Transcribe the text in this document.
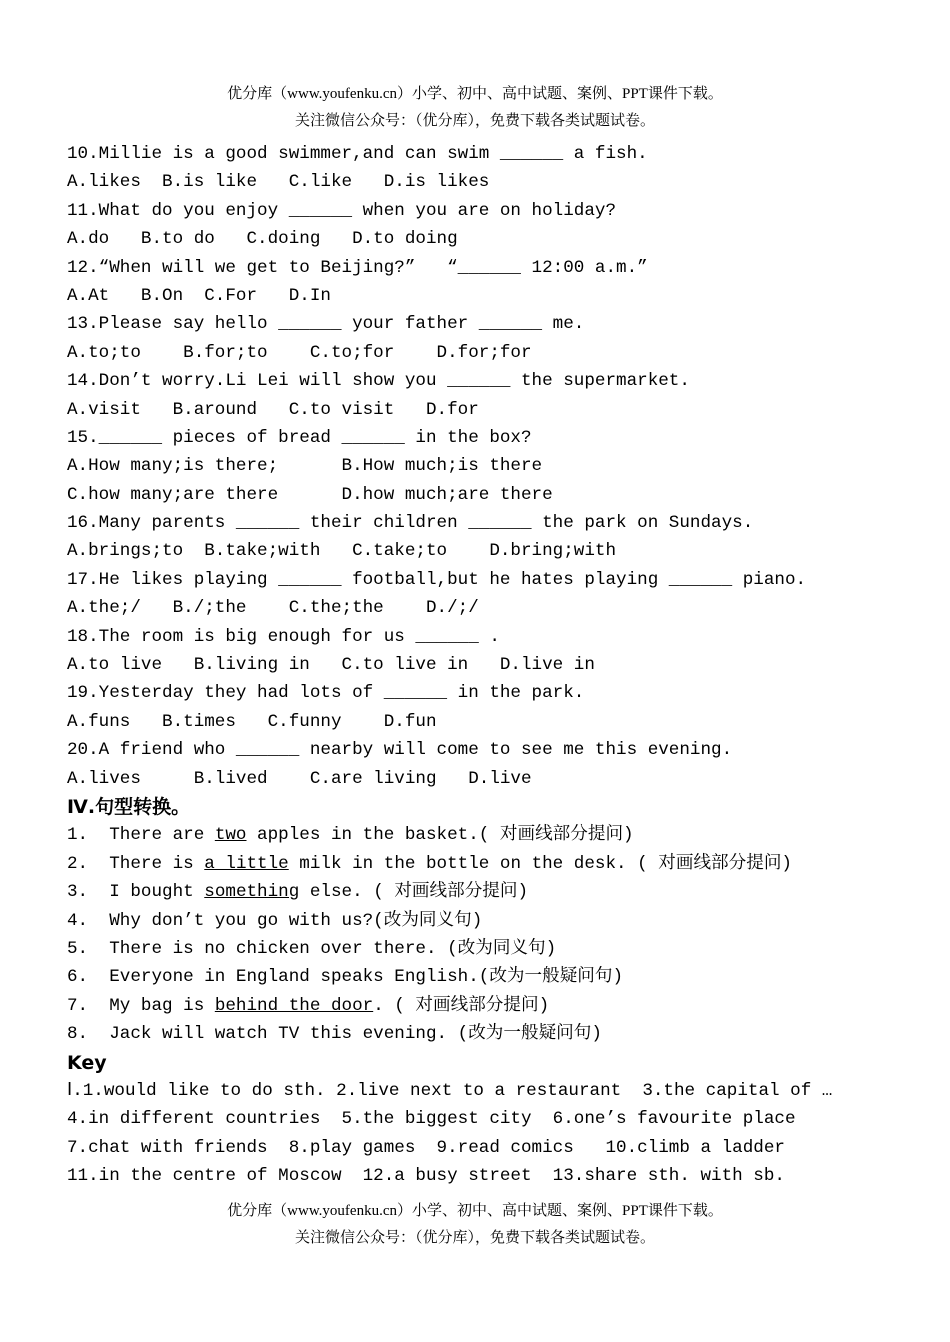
优分库（www.youfenku.cn）小学、初中、高中试题、案例、PPT课件下载。
关注微信公众号：（优分库），免费下载各类试题试卷。
10.Millie is a good swimmer,and can swim ______ a fish.
A.likes  B.is like   C.like   D.is likes
11.What do you enjoy ______ when you are on holiday?
A.do   B.to do   C.doing   D.to doing
12.“When will we get to Beijing?”   “______ 12:00 a.m.”
A.At   B.On  C.For   D.In
13.Please say hello ______ your father ______ me.
A.to;to    B.for;to    C.to;for    D.for;for
14.Don’t worry.Li Lei will show you ______ the supermarket.
A.visit   B.around   C.to visit   D.for
15.______ pieces of bread ______ in the box?
A.How many;is there;      B.How much;is there
C.how many;are there      D.how much;are there
16.Many parents ______ their children ______ the park on Sundays.
A.brings;to  B.take;with   C.take;to    D.bring;with
17.He likes playing ______ football,but he hates playing ______ piano.
A.the;/   B./;the    C.the;the    D./;/
18.The room is big enough for us ______ .
A.to live   B.living in   C.to live in   D.live in
19.Yesterday they had lots of ______ in the park.
A.funs   B.times   C.funny    D.fun
20.A friend who ______ nearby will come to see me this evening.
A.lives     B.lived    C.are living   D.live
Ⅳ.句型转换。
1.  There are two apples in the basket.( 对画线部分提问)
2.  There is a little milk in the bottle on the desk. ( 对画线部分提问)
3.  I bought something else. ( 对画线部分提问)
4.  Why don’t you go with us?(改为同义句)
5.  There is no chicken over there. (改为同义句)
6.  Everyone in England speaks English.(改为一般疑问句)
7.  My bag is behind the door. ( 对画线部分提问)
8.  Jack will watch TV this evening. (改为一般疑问句)
Key
Ⅰ.1.would like to do sth. 2.live next to a restaurant  3.the capital of …
4.in different countries  5.the biggest city  6.one’s favourite place
7.chat with friends  8.play games  9.read comics   10.climb a ladder
11.in the centre of Moscow  12.a busy street  13.share sth. with sb.
优分库（www.youfenku.cn）小学、初中、高中试题、案例、PPT课件下载。
关注微信公众号：（优分库），免费下载各类试题试卷。
